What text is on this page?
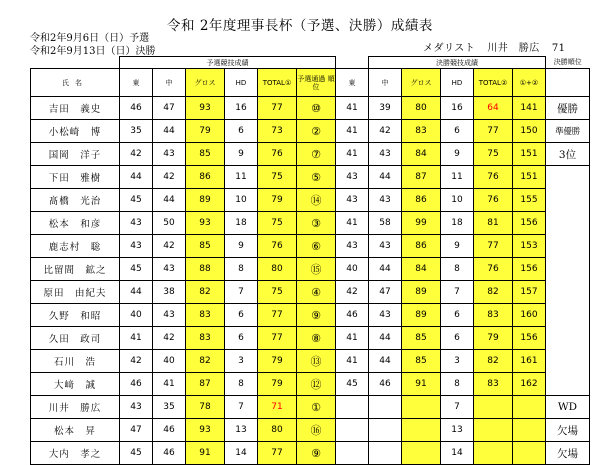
令和 2年度理事長杯（予選、決勝）成績表
令和2年9月6日（日）予選
令和2年9月13日（日）決勝	メダリスト 川井　勝広 71
	予選競技成績							決勝競技成績					決勝順位
氏名	東	中	グロス	HD	TOTAL①	予選通過 順位	東	中	グロス	HD	TOTAL②	①+②	
吉田　義史	46	47	93	16	77	⑩	41	39	80	16	64	141	優勝
小松崎　博	35	44	79	6	73	②	41	42	83	6	77	150	準優勝
国岡　洋子	42	43	85	9	76	⑦	41	43	84	9	75	151	3位
下田　雅樹	44	42	86	11	75	⑤	43	44	87	11	76	151	
髙橋　光治	45	44	89	10	79	⑭	43	43	86	10	76	155	
松本　和彦	43	50	93	18	75	③	41	58	99	18	81	156	
鹿志村　聡	43	42	85	9	76	⑥	43	43	86	9	77	153	
比留間　鉱之	45	43	88	8	80	⑮	40	44	84	8	76	156	
原田　由紀夫	44	38	82	7	75	④	42	47	89	7	82	157	
久野　和昭	40	43	83	6	77	⑨	46	43	89	6	83	160	
久田　政司	41	42	83	6	77	⑧	41	44	85	6	79	156	
石川　浩	42	40	82	3	79	⑬	41	44	85	3	82	161	
大﨑　誠	46	41	87	8	79	⑫	45	46	91	8	83	162	
川井　勝広	43	35	78	7	71	①				7			WD
松本　昇	47	46	93	13	80	⑯				13			欠場
大内　孝之	45	46	91	14	77	⑨				14			欠場
